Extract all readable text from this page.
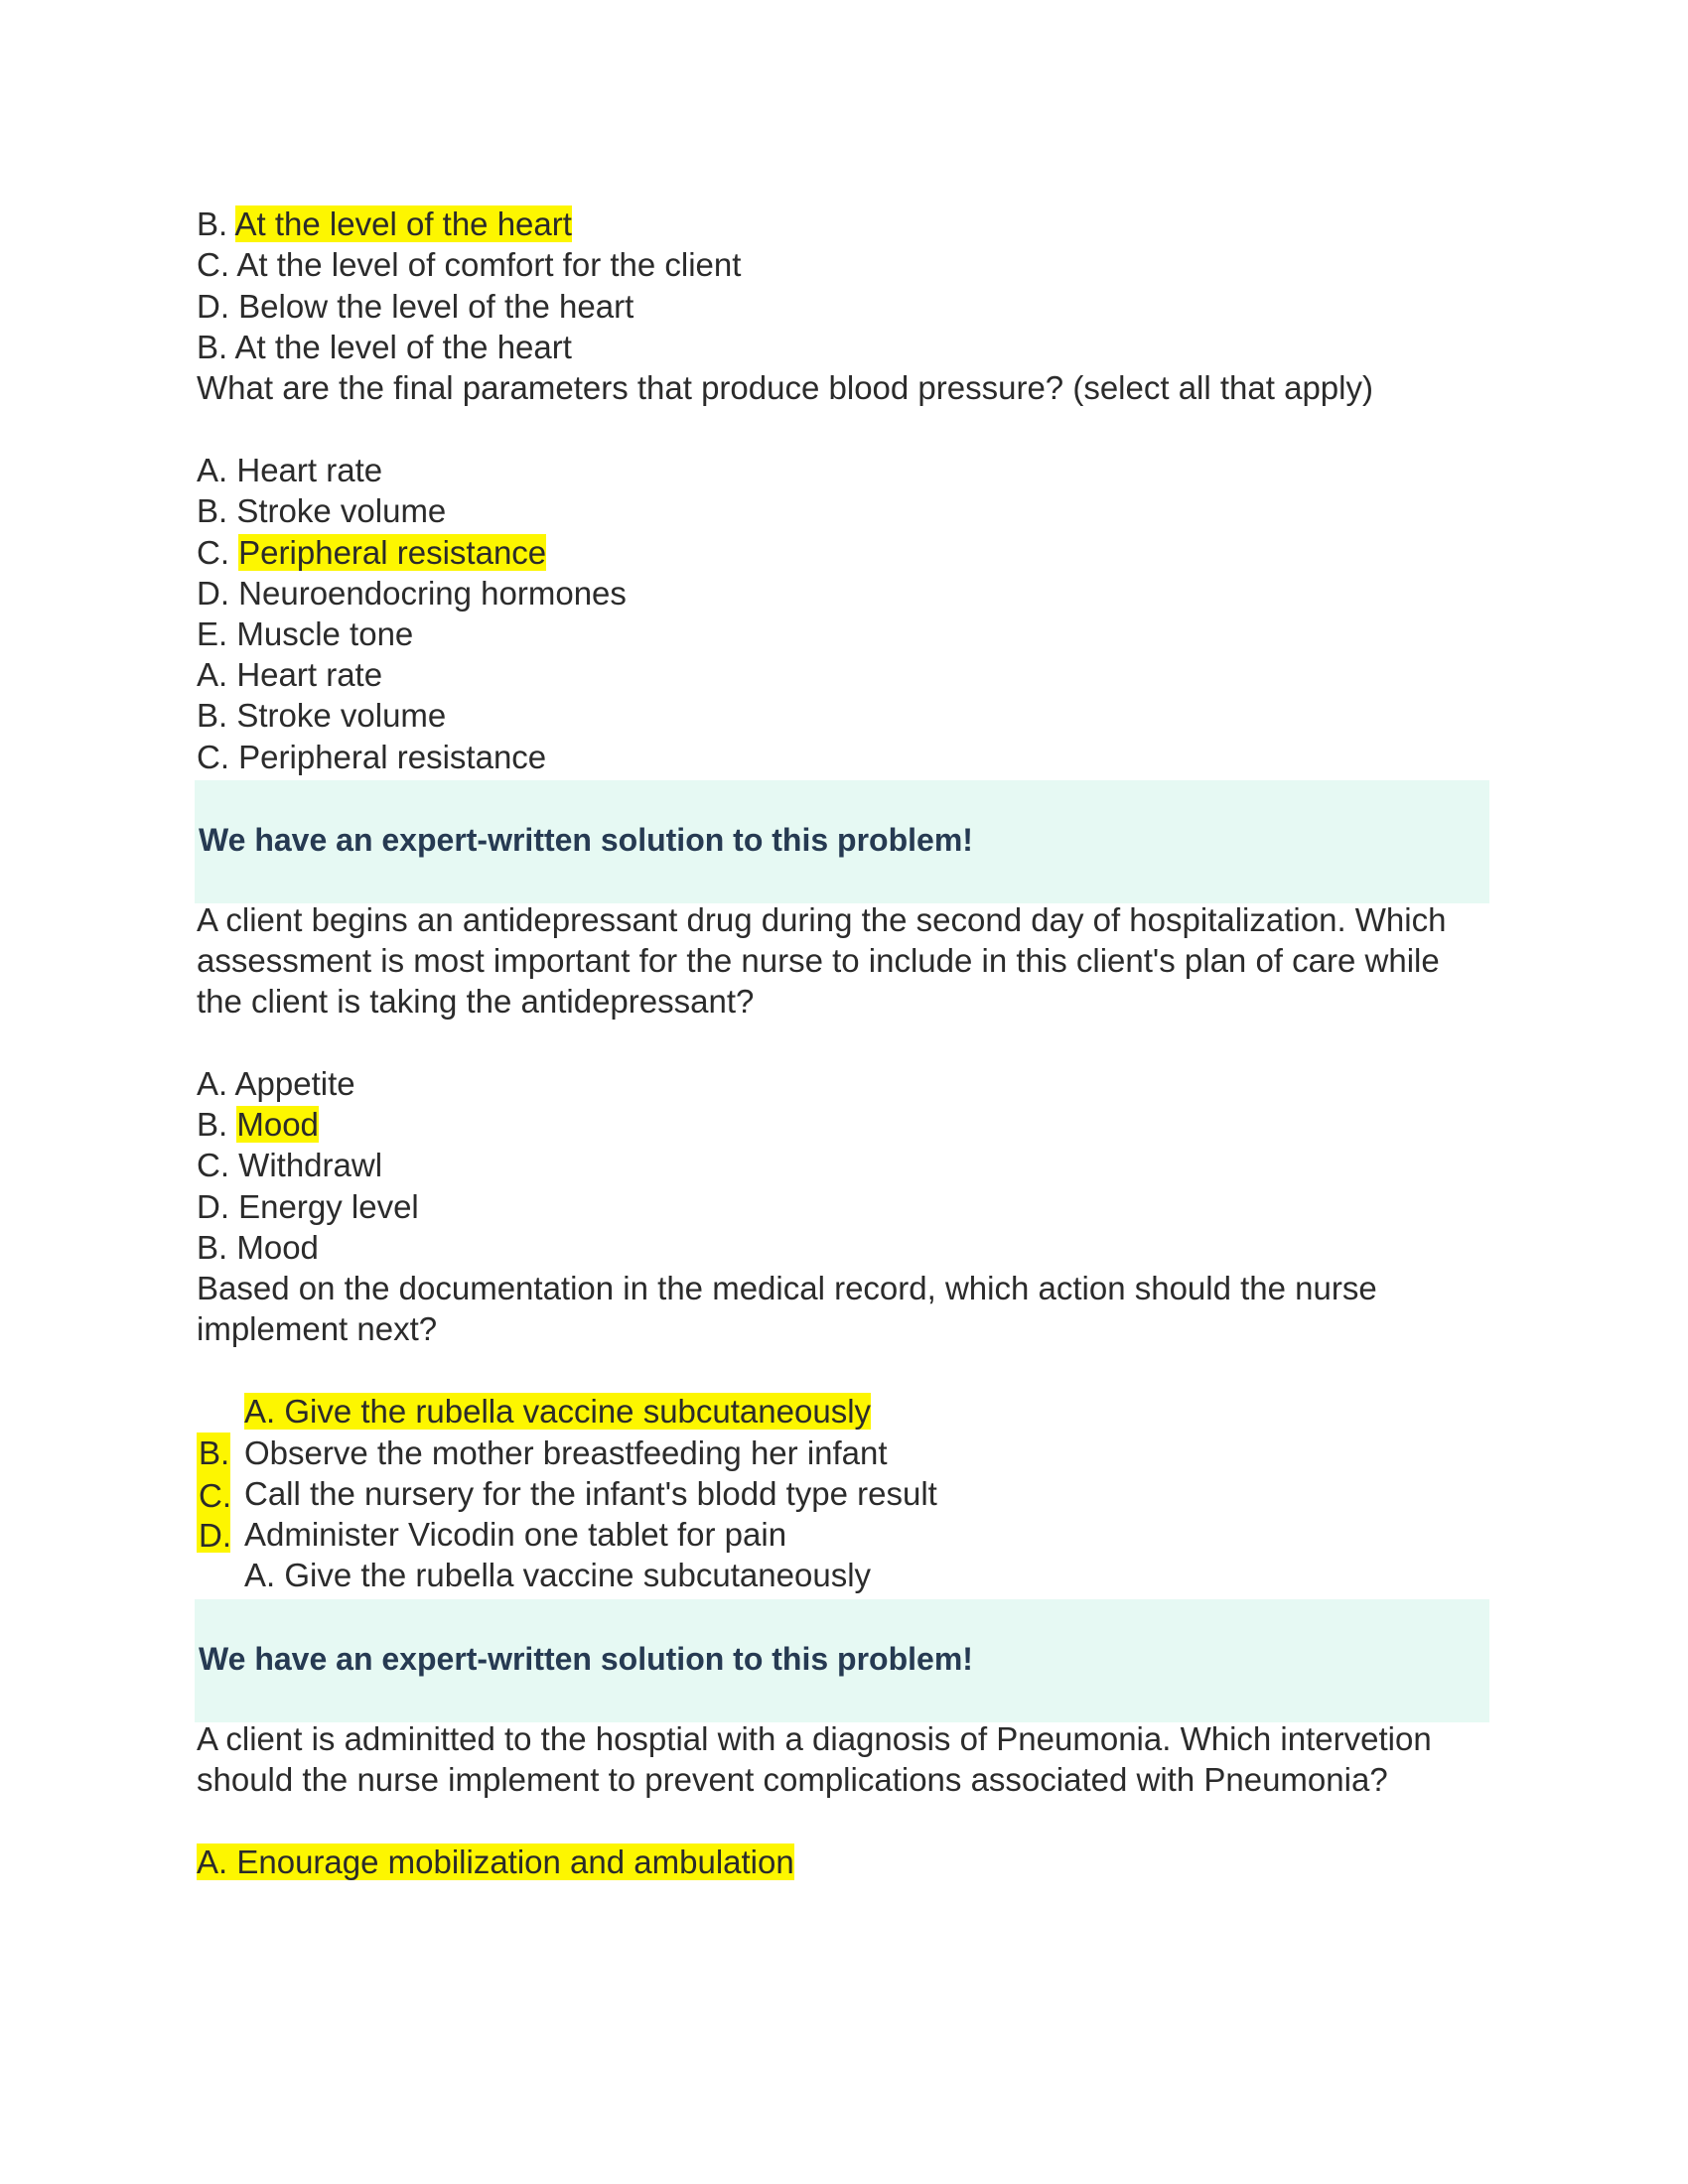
B. At the level of the heart

C. At the level of comfort for the client

D. Below the level of the heart

B. At the level of the heart

What are the final parameters that produce blood pressure? (select all that apply)

A. Heart rate

B. Stroke volume

C. Peripheral resistance

D. Neuroendocring hormones

E. Muscle tone

A. Heart rate

B. Stroke volume

C. Peripheral resistance

We have an expert-written solution to this problem!

A client begins an antidepressant drug during the second day of hospitalization. Which

assessment is most important for the nurse to include in this client's plan of care while

the client is taking the antidepressant?

A. Appetite

B. Mood

C. Withdrawl

D. Energy level

B. Mood

Based on the documentation in the medical record, which action should the nurse

implement next?

A. Give the rubella vaccine subcutaneously
B.
C.
D.
Observe the mother breastfeeding her infant
Call the nursery for the infant's blodd type result
Administer Vicodin one tablet for pain
A. Give the rubella vaccine subcutaneously
We have an expert-written solution to this problem!

A client is adminitted to the hosptial with a diagnosis of Pneumonia. Which intervetion

should the nurse implement to prevent complications associated with Pneumonia?

A. Enourage mobilization and ambulation
